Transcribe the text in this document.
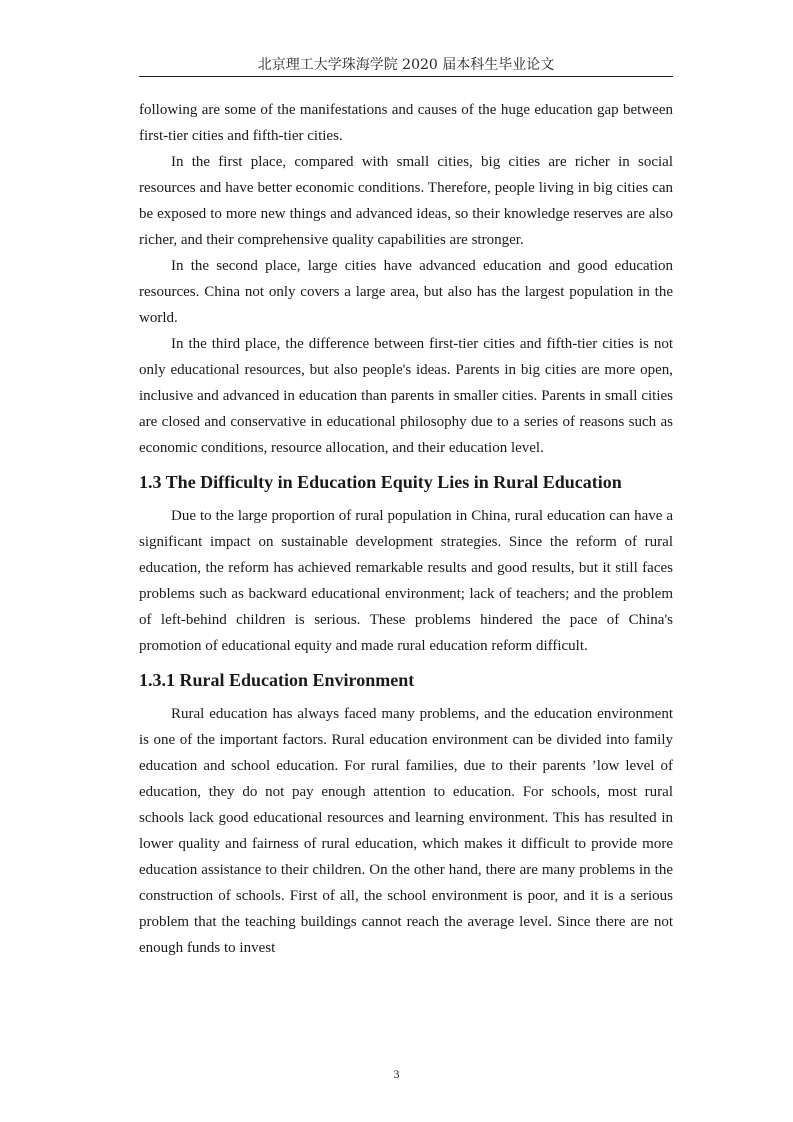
北京理工大学珠海学院 2020 届本科生毕业论文

following are some of the manifestations and causes of the huge education gap between first-tier cities and fifth-tier cities.

In the first place, compared with small cities, big cities are richer in social resources and have better economic conditions. Therefore, people living in big cities can be exposed to more new things and advanced ideas, so their knowledge reserves are also richer, and their comprehensive quality capabilities are stronger.

In the second place, large cities have advanced education and good education resources. China not only covers a large area, but also has the largest population in the world.

In the third place, the difference between first-tier cities and fifth-tier cities is not only educational resources, but also people's ideas. Parents in big cities are more open, inclusive and advanced in education than parents in smaller cities. Parents in small cities are closed and conservative in educational philosophy due to a series of reasons such as economic conditions, resource allocation, and their education level.

1.3 The Difficulty in Education Equity Lies in Rural Education

Due to the large proportion of rural population in China, rural education can have a significant impact on sustainable development strategies. Since the reform of rural education, the reform has achieved remarkable results and good results, but it still faces problems such as backward educational environment; lack of teachers; and the problem of left-behind children is serious. These problems hindered the pace of China's promotion of educational equity and made rural education reform difficult.

1.3.1 Rural Education Environment

Rural education has always faced many problems, and the education environment is one of the important factors. Rural education environment can be divided into family education and school education. For rural families, due to their parents ’low level of education, they do not pay enough attention to education. For schools, most rural schools lack good educational resources and learning environment. This has resulted in lower quality and fairness of rural education, which makes it difficult to provide more education assistance to their children. On the other hand, there are many problems in the construction of schools. First of all, the school environment is poor, and it is a serious problem that the teaching buildings cannot reach the average level. Since there are not enough funds to invest

3
